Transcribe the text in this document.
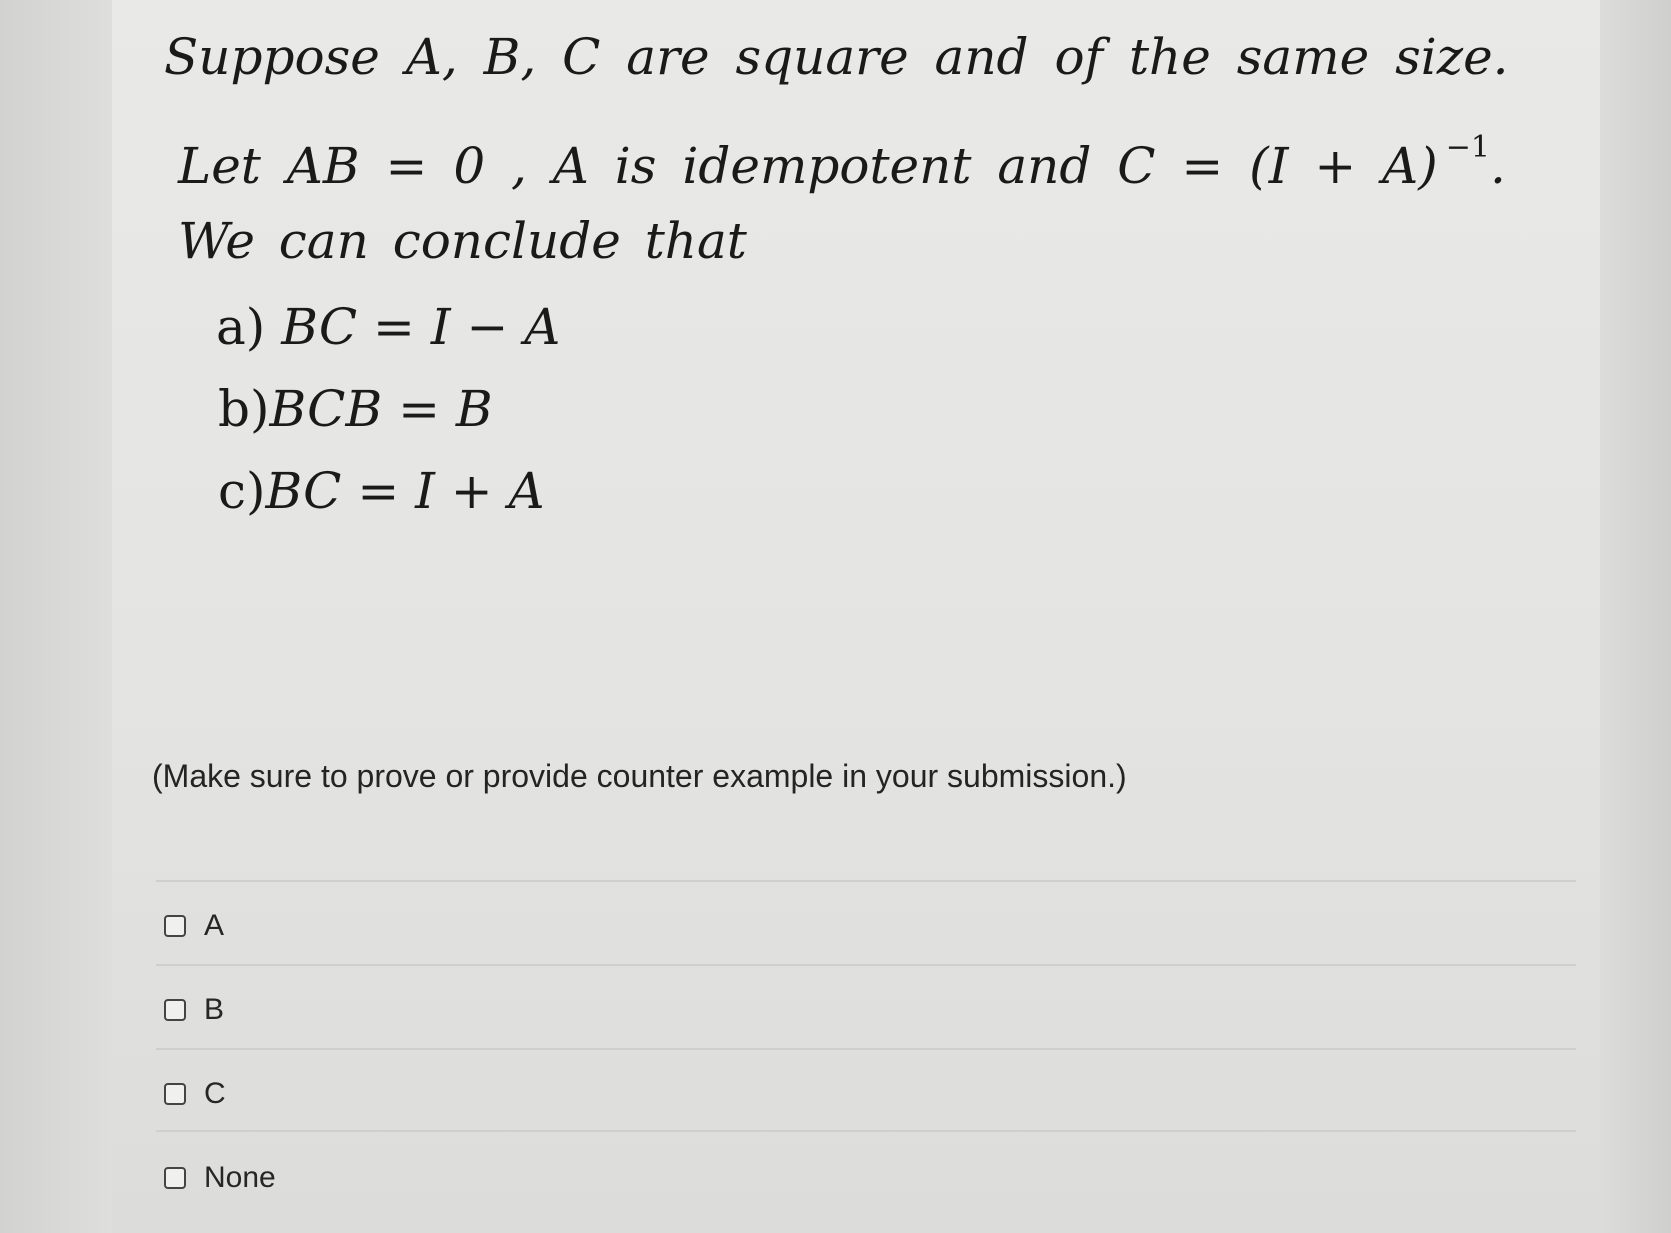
Suppose A, B, C are square and of the same size.
Let AB = 0 , A is idempotent and C = (I + A) $^{-1}$.
We can conclude that
a) BC = I − A
b)BCB = B
c)BC = I + A
(Make sure to prove or provide counter example in your submission.)
A
B
C
None
